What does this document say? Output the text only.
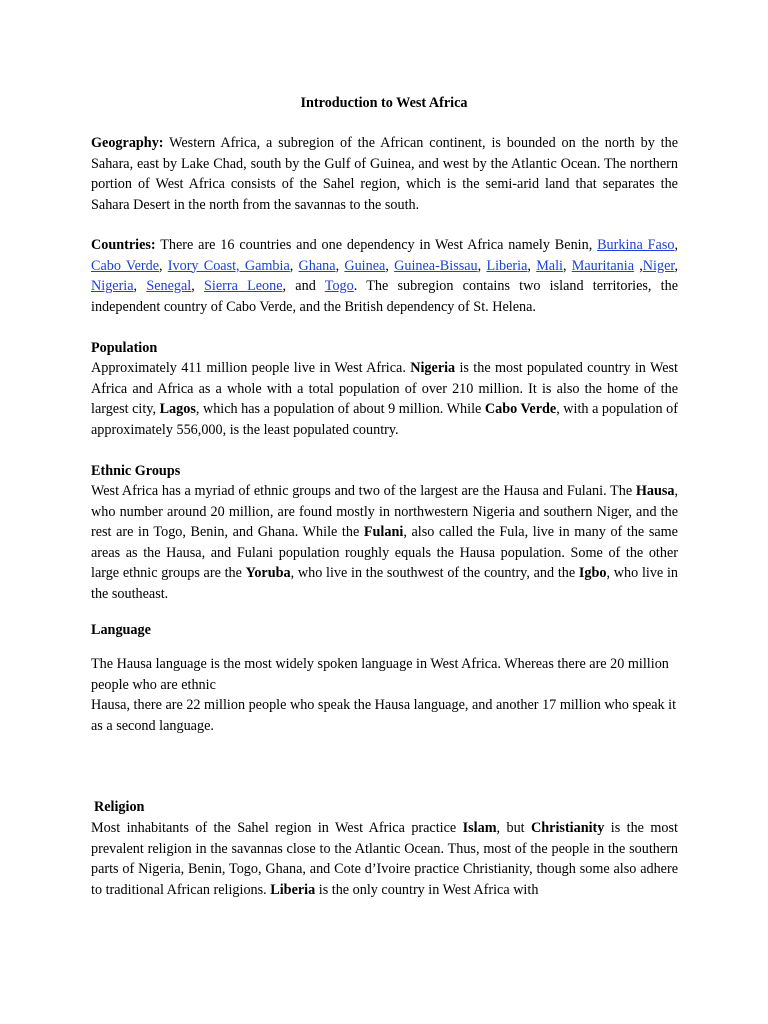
Introduction to West Africa
Geography: Western Africa, a subregion of the African continent, is bounded on the north by the Sahara, east by Lake Chad, south by the Gulf of Guinea, and west by the Atlantic Ocean. The northern portion of West Africa consists of the Sahel region, which is the semi-arid land that separates the Sahara Desert in the north from the savannas to the south.
Countries: There are 16 countries and one dependency in West Africa namely Benin, Burkina Faso, Cabo Verde, Ivory Coast, Gambia, Ghana, Guinea, Guinea-Bissau, Liberia, Mali, Mauritania ,Niger, Nigeria, Senegal, Sierra Leone, and Togo. The subregion contains two island territories, the independent country of Cabo Verde, and the British dependency of St. Helena.
Population
Approximately 411 million people live in West Africa. Nigeria is the most populated country in West Africa and Africa as a whole with a total population of over 210 million. It is also the home of the largest city, Lagos, which has a population of about 9 million. While Cabo Verde, with a population of approximately 556,000, is the least populated country.
Ethnic Groups
West Africa has a myriad of ethnic groups and two of the largest are the Hausa and Fulani. The Hausa, who number around 20 million, are found mostly in northwestern Nigeria and southern Niger, and the rest are in Togo, Benin, and Ghana. While the Fulani, also called the Fula, live in many of the same areas as the Hausa, and Fulani population roughly equals the Hausa population. Some of the other large ethnic groups are the Yoruba, who live in the southwest of the country, and the Igbo, who live in the southeast.
Language

The Hausa language is the most widely spoken language in West Africa. Whereas there are 20 million people who are ethnic

Hausa, there are 22 million people who speak the Hausa language, and another 17 million who speak it as a second language.

Religion
Most inhabitants of the Sahel region in West Africa practice Islam, but Christianity is the most prevalent religion in the savannas close to the Atlantic Ocean. Thus, most of the people in the southern parts of Nigeria, Benin, Togo, Ghana, and Cote d’Ivoire practice Christianity, though some also adhere to traditional African religions. Liberia is the only country in West Africa with
